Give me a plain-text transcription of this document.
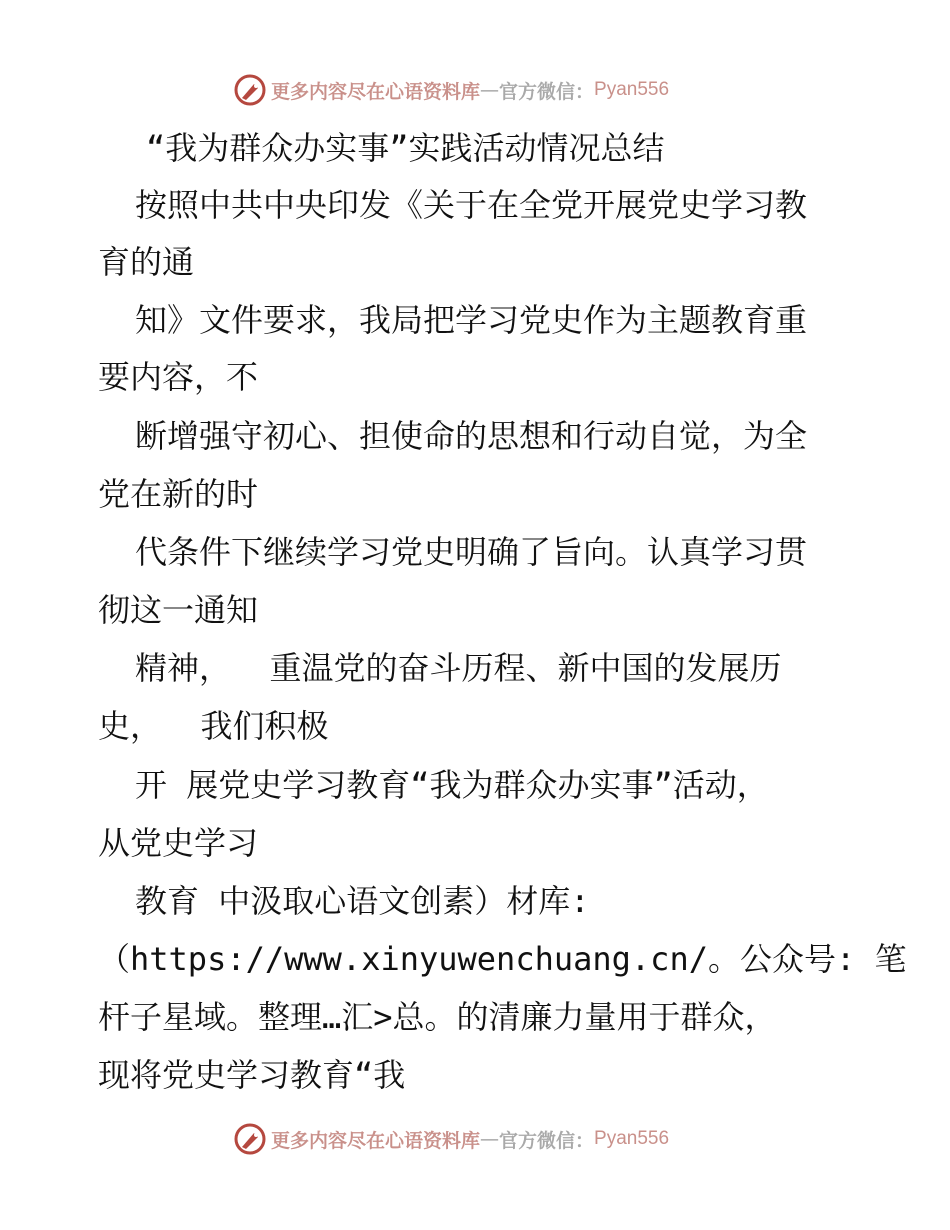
更多内容尽在心语资料库 — 官方微信： Pyan556
“我为群众办实事”实践活动情况总结
按照中共中央印发《关于在全党开展党史学习教
育的通
知》文件要求，我局把学习党史作为主题教育重
要内容，不
断增强守初心、担使命的思想和行动自觉，为全
党在新的时
代条件下继续学习党史明确了旨向。认真学习贯
彻这一通知
精神，  重温党的奋斗历程、新中国的发展历
史，  我们积极
开 展党史学习教育“我为群众办实事”活动，
从党史学习
教育 中汲取心语文创素）材库:
（https://www.xinyuwenchuang.cn/。公众号: 笔
杆子星域。整理…汇>总。的清廉力量用于群众，
现将党史学习教育“我
更多内容尽在心语资料库 — 官方微信： Pyan556
